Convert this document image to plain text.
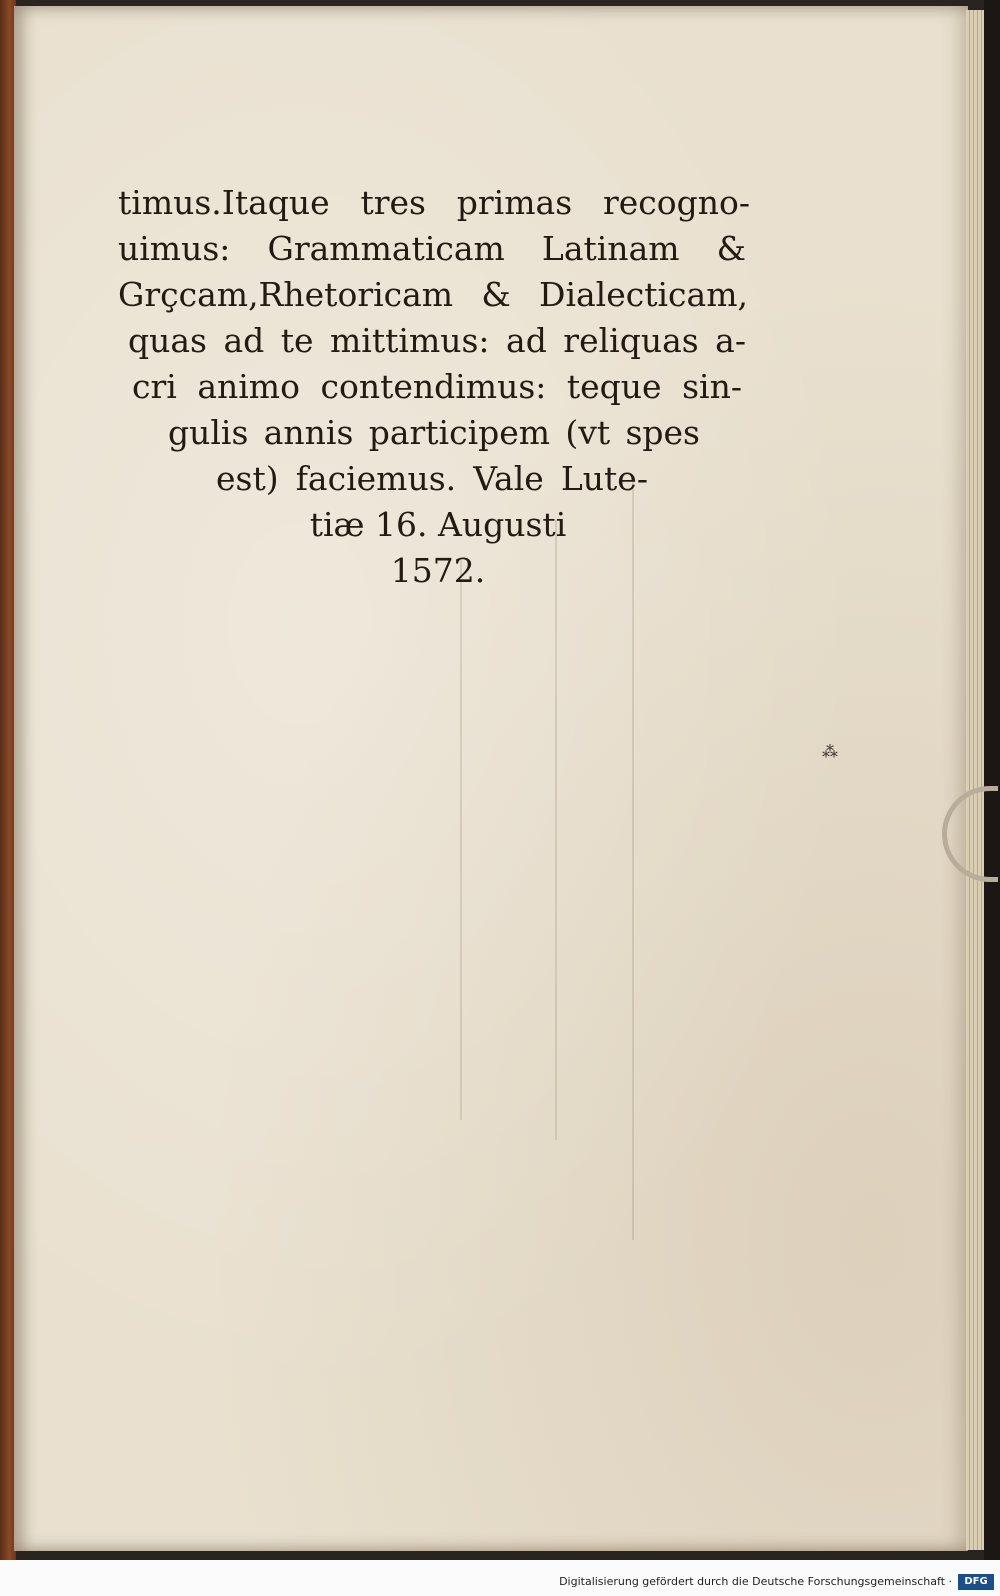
timus.Itaque tres primas recogno-
uimus: Grammaticam Latinam &
Grçcam,Rhetoricam & Dialecticam,
quas ad te mittimus: ad reliquas a-
cri animo contendimus: teque sin-
gulis annis participem (vt spes
est) faciemus. Vale Lute-
tiæ 16. Augusti
1572.
⁂
Digitalisierung gefördert durch die Deutsche Forschungsgemeinschaft ·	DFG
